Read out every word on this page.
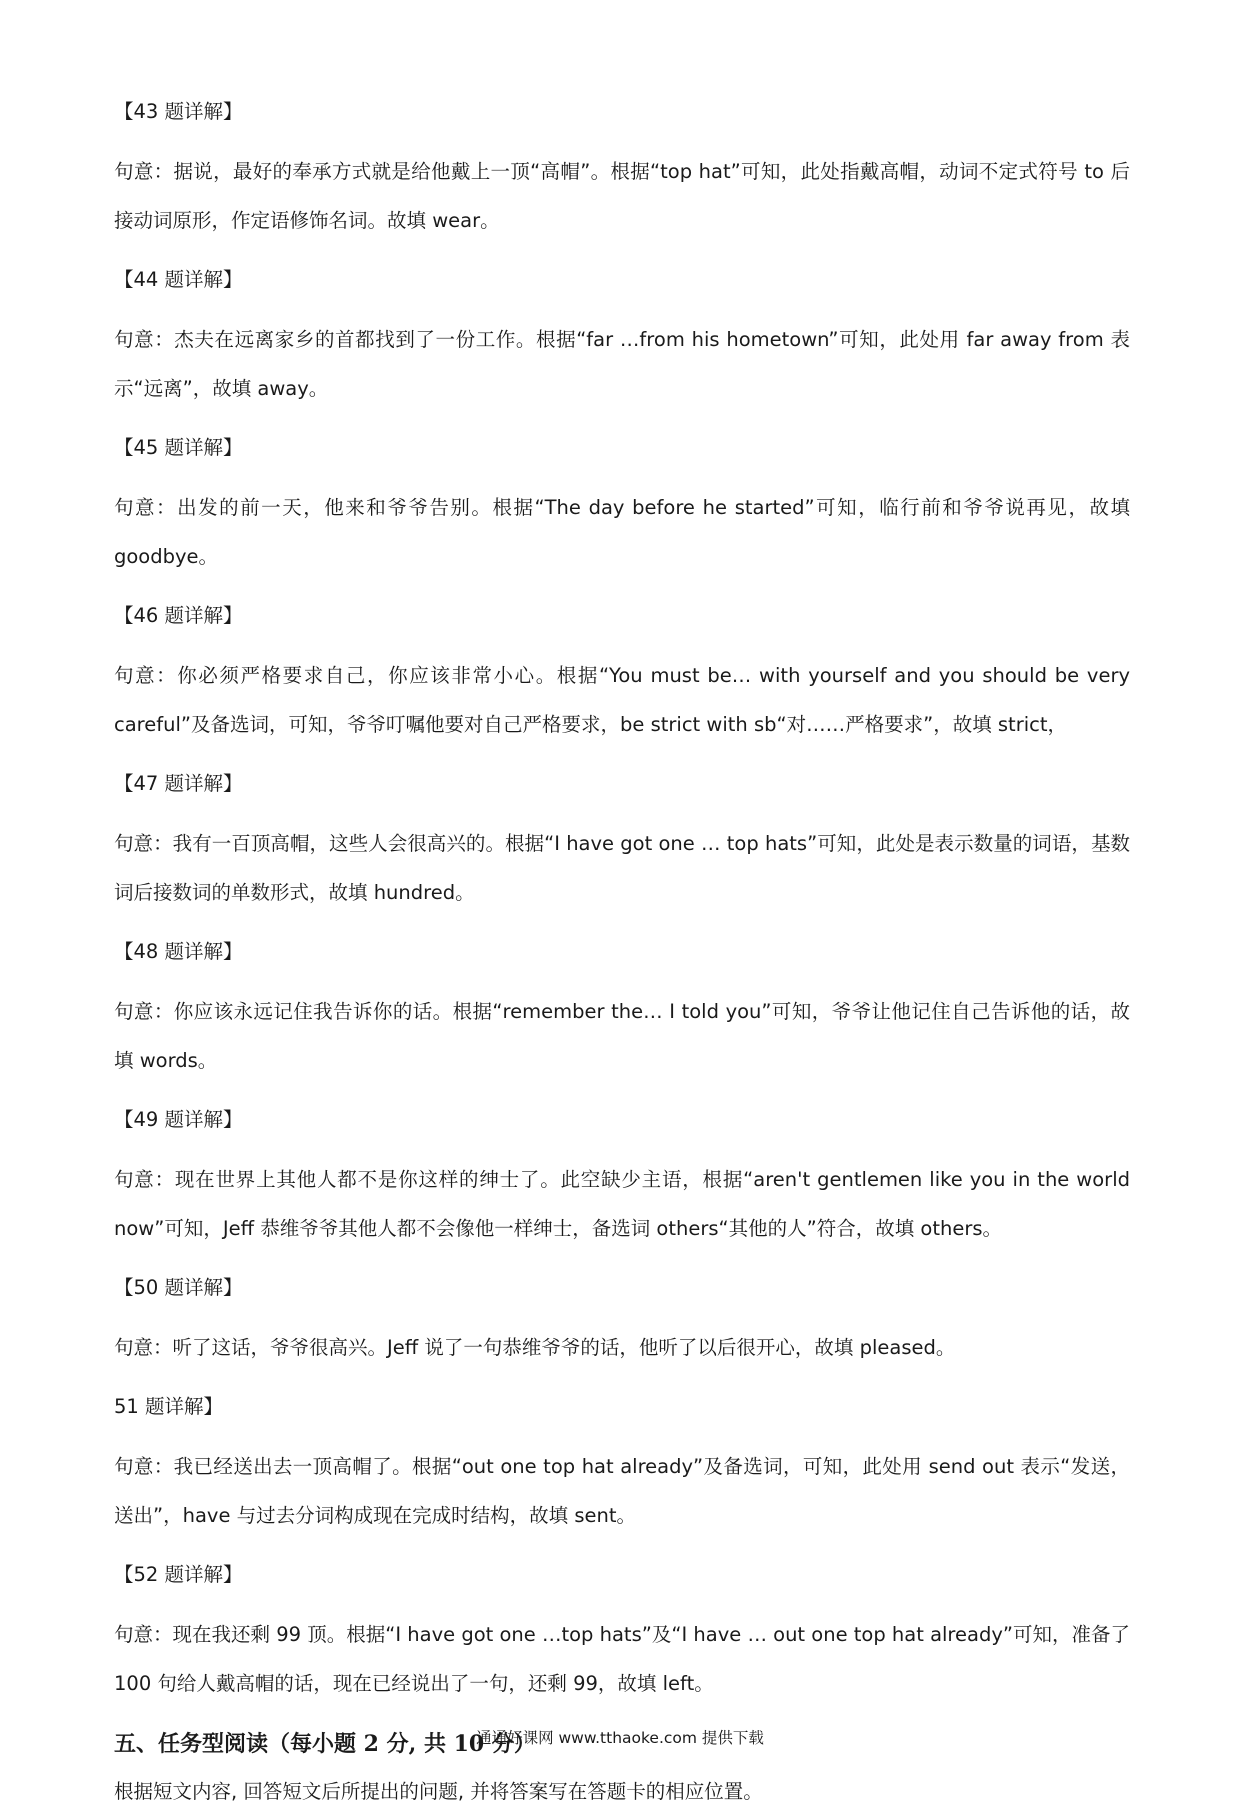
【43 题详解】
句意：据说，最好的奉承方式就是给他戴上一顶“高帽”。根据“top hat”可知，此处指戴高帽，动词不定式符号 to 后接动词原形，作定语修饰名词。故填 wear。
【44 题详解】
句意：杰夫在远离家乡的首都找到了一份工作。根据“far …from his hometown”可知，此处用 far away from 表示“远离”，故填 away。
【45 题详解】
句意：出发的前一天，他来和爷爷告别。根据“The day before he started”可知，临行前和爷爷说再见，故填 goodbye。
【46 题详解】
句意：你必须严格要求自己，你应该非常小心。根据“You must be… with yourself and you should be very careful”及备选词，可知，爷爷叮嘱他要对自己严格要求，be strict with sb“对……严格要求”，故填 strict，
【47 题详解】
句意：我有一百顶高帽，这些人会很高兴的。根据“I have got one … top hats”可知，此处是表示数量的词语，基数词后接数词的单数形式，故填 hundred。
【48 题详解】
句意：你应该永远记住我告诉你的话。根据“remember the… I told you”可知，爷爷让他记住自己告诉他的话，故填 words。
【49 题详解】
句意：现在世界上其他人都不是你这样的绅士了。此空缺少主语，根据“aren't gentlemen like you in the world now”可知，Jeff 恭维爷爷其他人都不会像他一样绅士，备选词 others“其他的人”符合，故填 others。
【50 题详解】
句意：听了这话，爷爷很高兴。Jeff 说了一句恭维爷爷的话，他听了以后很开心，故填 pleased。
51 题详解】
句意：我已经送出去一顶高帽了。根据“out one top hat already”及备选词，可知，此处用 send out 表示“发送，送出”，have 与过去分词构成现在完成时结构，故填 sent。
【52 题详解】
句意：现在我还剩 99 顶。根据“I have got one …top hats”及“I have … out one top hat already”可知，准备了 100 句给人戴高帽的话，现在已经说出了一句，还剩 99，故填 left。
五、任务型阅读（每小题 2 分, 共 10 分）
根据短文内容, 回答短文后所提出的问题, 并将答案写在答题卡的相应位置。
通通好课网 www.tthaoke.com 提供下载
